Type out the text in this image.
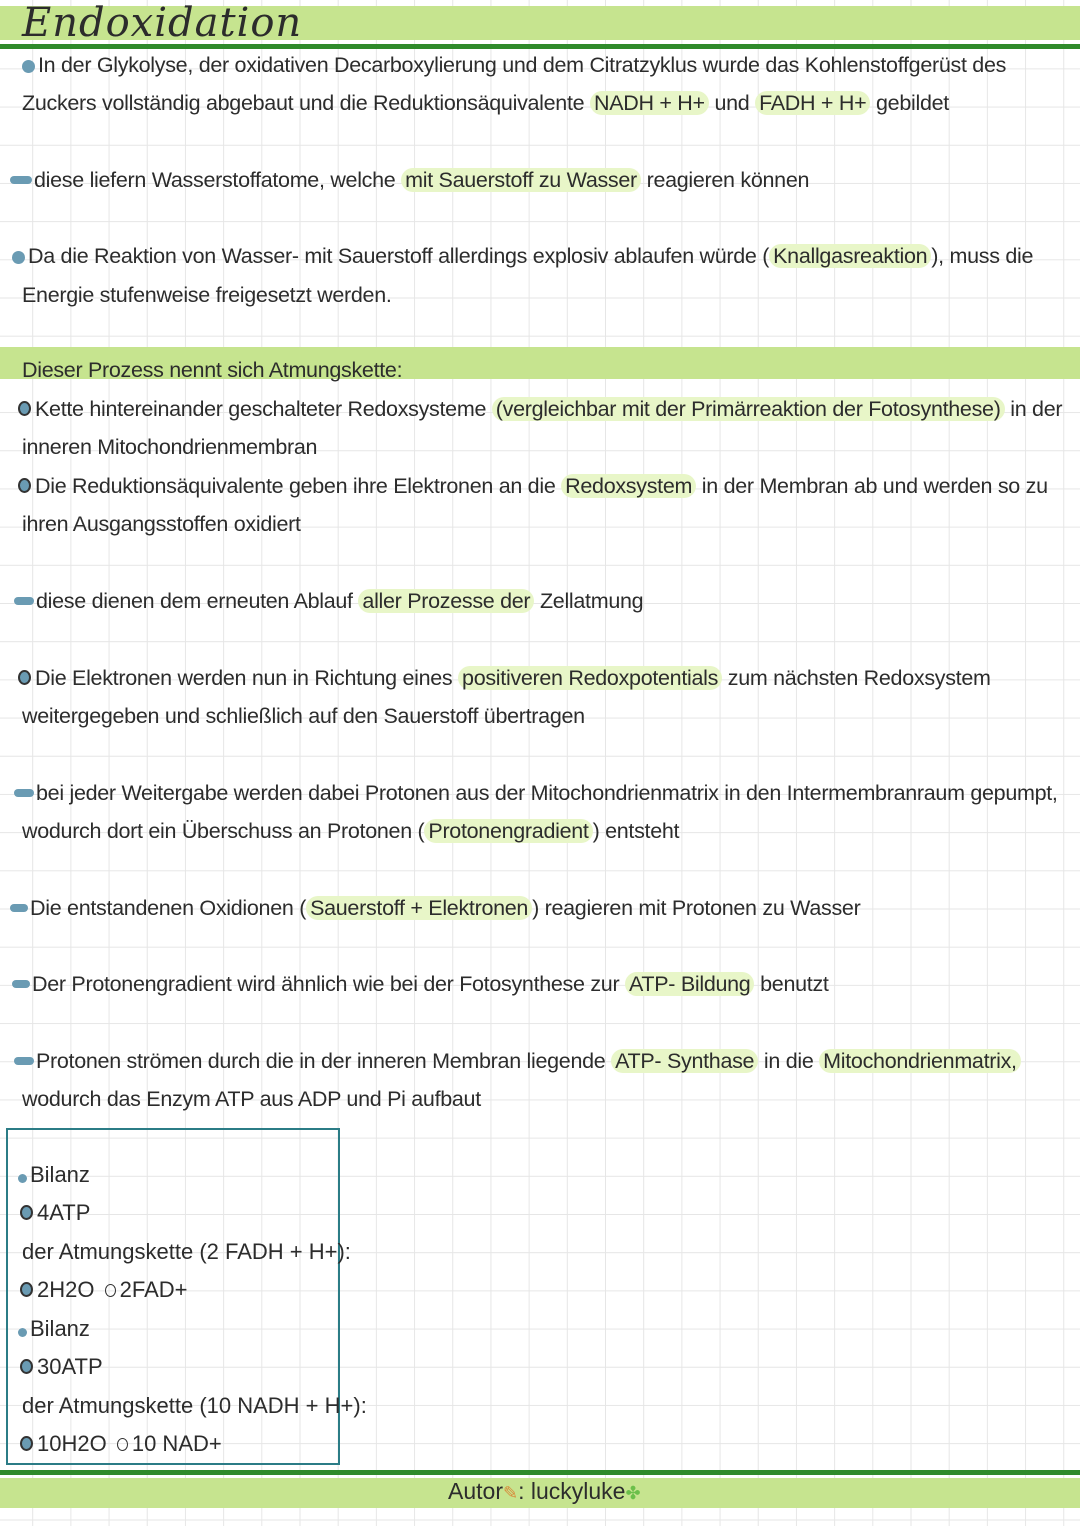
Endoxidation
In der Glykolyse, der oxidativen Decarboxylierung und dem Citratzyklus wurde das Kohlenstoffgerüst des
Zuckers vollständig abgebaut und die Reduktionsäquivalente NADH + H+ und FADH + H+ gebildet
diese liefern Wasserstoffatome, welche mit Sauerstoff zu Wasser reagieren können
Da die Reaktion von Wasser- mit Sauerstoff allerdings explosiv ablaufen würde ( Knallgasreaktion ), muss die
Energie stufenweise freigesetzt werden.
Dieser Prozess nennt sich Atmungskette:
Kette hintereinander geschalteter Redoxsysteme (vergleichbar mit der Primärreaktion der Fotosynthese) in der
inneren Mitochondrienmembran
Die Reduktionsäquivalente geben ihre Elektronen an die Redoxsystem in der Membran ab und werden so zu
ihren Ausgangsstoffen oxidiert
diese dienen dem erneuten Ablauf aller Prozesse der Zellatmung
Die Elektronen werden nun in Richtung eines positiveren Redoxpotentials zum nächsten Redoxsystem
weitergegeben und schließlich auf den Sauerstoff übertragen
bei jeder Weitergabe werden dabei Protonen aus der Mitochondrienmatrix in den Intermembranraum gepumpt,
wodurch dort ein Überschuss an Protonen ( Protonengradient ) entsteht
Die entstandenen Oxidionen ( Sauerstoff + Elektronen ) reagieren mit Protonen zu Wasser
Der Protonengradient wird ähnlich wie bei der Fotosynthese zur ATP- Bildung benutzt
Protonen strömen durch die in der inneren Membran liegende ATP- Synthase in die Mitochondrienmatrix,
wodurch das Enzym ATP aus ADP und Pi aufbaut
Bilanz
4ATP
der Atmungskette (2 FADH + H+):
2H2O 2FAD+
Bilanz
30ATP
der Atmungskette (10 NADH + H+):
10H2O 10 NAD+
Autor✎: luckyluke✤
